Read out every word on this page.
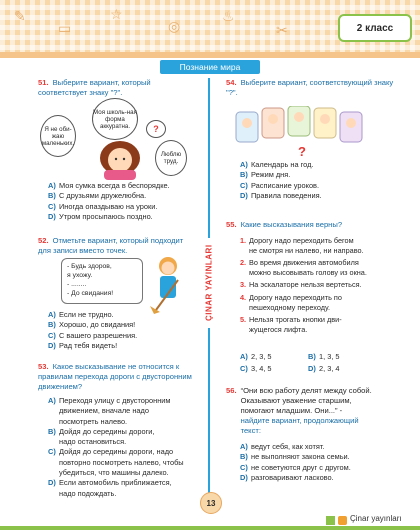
✎
▭
☆
◎
♨
✂	2 класс
Познание мира
ÇINAR YAYINLARI
51. Выберите вариант, который соответствует знаку "?".
Я не оби-жаю маленьких.
Моя школь-ная форма аккуратна.	?
Люблю труд.
A) Моя сумка всегда в беспорядке.
B) С друзьями дружелюбна.
C) Иногда опаздываю на уроки.
D) Утром просыпаюсь поздно.
52. Отметьте вариант, который подходит для записи вместо точек.
- Будь здоров,
я ухожу.
- ........
- До свидания!
A) Если не трудно.
B) Хорошо, до свидания!
C) С вашего разрешения.
D) Рад тебя видеть!
53. Какое высказывание не относится к правилам перехода дороги с двусторонним движением?
A) Переходя улицу с двусторонним
движением, вначале надо
посмотреть налево.
B) Дойдя до середины дороги,
надо остановиться.
C) Дойдя до середины дороги, надо
повторно посмотреть налево, чтобы
убедиться, что машины далеко.
D) Если автомобиль приближается,
надо подождать.
54. Выберите вариант, соответствующий знаку "?".
?
A) Календарь на год.
B) Режим дня.
C) Расписание уроков.
D) Правила поведения.
55. Какие высказывания верны?
1. Дорогу надо переходить бегом
не смотря ни налево, ни направо.
2. Во время движения автомобиля
можно высовывать голову из окна.
3. На эскалаторе нельзя вертеться.
4. Дорогу надо переходить по
пешеходному переходу.
5. Нельзя трогать кнопки дви-
жущегося лифта.
A) 2, 3, 5	B) 1, 3, 5
C) 3, 4, 5	D) 2, 3, 4
56. “Они всю работу делят между собой.
Оказывают уважение старшим,
помогают младшим. Они...” -
найдите вариант, продолжающий
текст:
A) ведут себя, как хотят.
B) не выполняют закона семьи.
C) не советуются друг с другом.
D) разговаривают ласково.
13
Çinar yayınları
